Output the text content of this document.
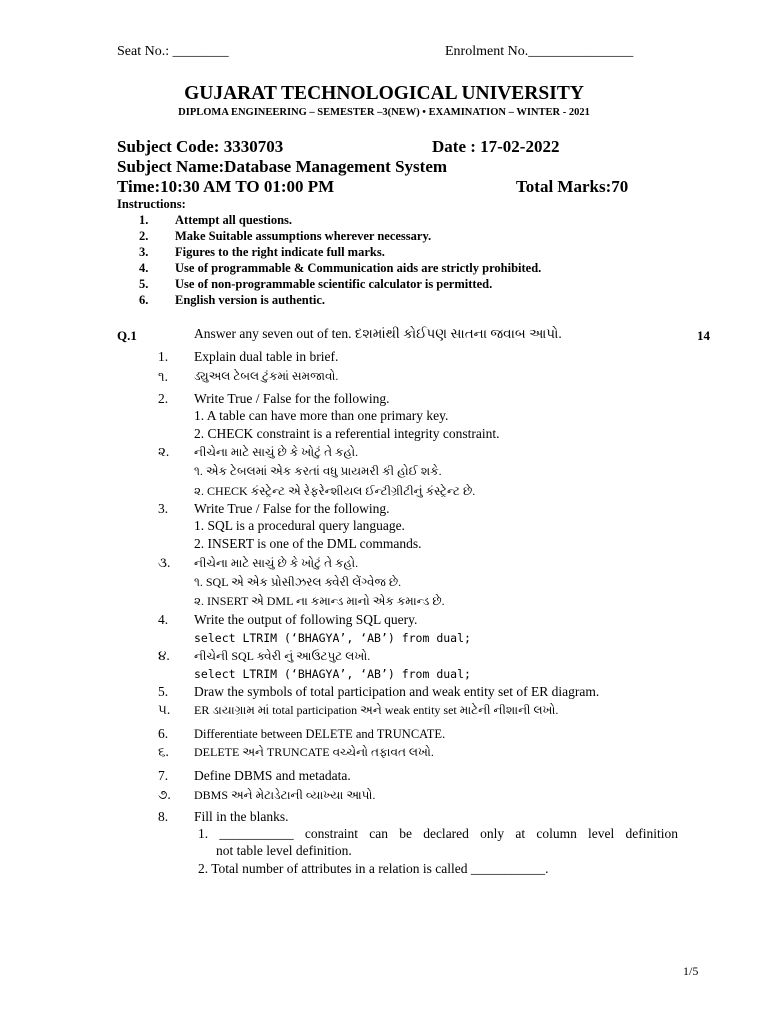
Seat No.: ________	Enrolment No._______________
GUJARAT TECHNOLOGICAL UNIVERSITY
DIPLOMA ENGINEERING – SEMESTER –3(NEW) • EXAMINATION – WINTER - 2021
Subject Code: 3330703	Date : 17-02-2022
Subject Name:Database Management System
Time:10:30 AM TO 01:00 PM	Total Marks:70
Instructions:
1. Attempt all questions.
2. Make Suitable assumptions wherever necessary.
3. Figures to the right indicate full marks.
4. Use of programmable & Communication aids are strictly prohibited.
5. Use of non-programmable scientific calculator is permitted.
6. English version is authentic.
Q.1	Answer any seven out of ten. દશમાંથી કોઈપણ સાતના જવાબ આપો.	14
1. Explain dual table in brief.
૧. ડ્યુઅલ ટેબલ ટુંકમાં સમજાવો.
2. Write True / False for the following.
1. A table can have more than one primary key.
2. CHECK constraint is a referential integrity constraint.
૨. નીચેના માટે સાચું છે કે ખોટું તે કહો.
૧. એક ટેબલમાં એક કરતાં વધુ પ્રાયમરી કી હોઈ શકે.
૨. CHECK કંસ્ટ્રેન્ટ એ રેફરેન્શીયલ ઈન્ટીગ્રીટીનું કંસ્ટ્રેન્ટ છે.
3. Write True / False for the following.
1. SQL is a procedural query language.
2. INSERT is one of the DML commands.
૩. નીચેના માટે સાચું છે કે ખોટું તે કહો.
૧. SQL એ એક પ્રોસીઝરલ ક્વેરી લેંગ્વેજ છે.
૨. INSERT એ DML ના કમાન્ડ માનો એક કમાન્ડ છે.
4. Write the output of following SQL query.
select LTRIM (‘BHAGYA’, ‘AB’) from dual;
૪. નીચેની SQL ક્વેરી નું આઉટપુટ લખો.
select LTRIM (‘BHAGYA’, ‘AB’) from dual;
5. Draw the symbols of total participation and weak entity set of ER diagram.
૫. ER ડાયાગ્રામ માં total participation અને weak entity set માટેની નીશાની લખો.
6. Differentiate between DELETE and TRUNCATE.
૬. DELETE અને TRUNCATE વચ્ચેનો તફાવત લખો.
7. Define DBMS and metadata.
૭. DBMS અને મેટાડેટાની વ્યાખ્યા આપો.
8. Fill in the blanks.
1. ___________ constraint can be declared only at column level definition
not table level definition.
2. Total number of attributes in a relation is called ___________.
1/5
